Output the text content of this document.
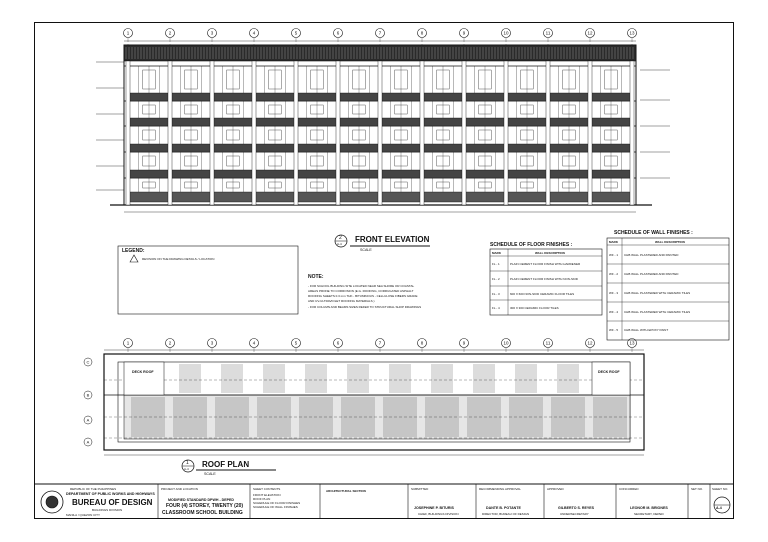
1	2	3	4	5	6	7	8	9	10	11	12	13
1	2	3	4	5	6	7	8	9	10	11	12	13
C
B
A
A
FRONT ELEVATION
SCALE
2
A-4
ROOF PLAN
SCALE
1
A-4
DECK ROOF	DECK ROOF
LEGEND:
REVISION ON THE DRAWING DETAILS / LOCATION
NOTE:
- FOR SCHOOL BUILDING SITE LOCATED NEAR SEA SHORE OR COASTAL
AREAS PRONE TO CORROSION (E.G. ROOFING, CORRUGATED ASPHALT
ROOFING SHEETS 0.3 mm THK - BITUMINOUS - CELLULOSE FIBERS GRADE
AND UV-ULTRAVIOLET ROOFING MATERIALS.)
- FOR COLUMN AND BEAMS SIZES REFER TO STRUCTURAL SHOP DRAWINGS
SCHEDULE OF FLOOR FINISHES :
MARK	WALL DESCRIPTION
FL - 1	PLAIN CEMENT FLOOR FINISH WITH HARDENER
FL - 2	PLAIN CEMENT FLOOR FINISH WITH NON-SKID
FL - 3	600 X 600 NON-SKID CERAMIC FLOOR TILES
FL - 4	300 X 300 CERAMIC FLOOR TILES
SCHEDULE OF WALL FINISHES :
MARK	WALL DESCRIPTION
WF - 1 CHB WALL PLASTERED AND PAINTED
WF - 2 CHB WALL PLASTERED AND PAINTED
WF - 3 CHB WALL PLASTERED WITH CERAMIC TILES
WF - 4 CHB WALL PLASTERED WITH CERAMIC TILES
WF - 5 CHB WALL WITH EPOXY PAINT
REPUBLIC OF THE PHILIPPINES
DEPARTMENT OF PUBLIC WORKS AND HIGHWAYS
BUREAU OF DESIGN
BUILDINGS DIVISION
MANILA / QUEZON CITY
PROJECT AND LOCATION
MODIFIED STANDARD DPWH - DEPED
FOUR (4) STOREY, TWENTY (20)
CLASSROOM SCHOOL BUILDING
SHEET CONTENTS
FRONT ELEVATION
ROOF PLAN
SCHEDULE OF FLOOR FINISHES
SCHEDULE OF WALL FINISHES
ARCHITECTURAL SECTION	SUBMITTED
JOSEPHINE P. BITURIS
CHIEF, BUILDINGS DIVISION
RECOMMENDING APPROVAL
DANTE B. POTANTE
DIRECTOR, BUREAU OF DESIGN
APPROVED
GILBERTO S. REYES
UNDERSECRETARY
CONCURRED
LEONOR M. BRIONES
SECRETARY, DEPED
SET NO.	SHEET NO.
A-4
